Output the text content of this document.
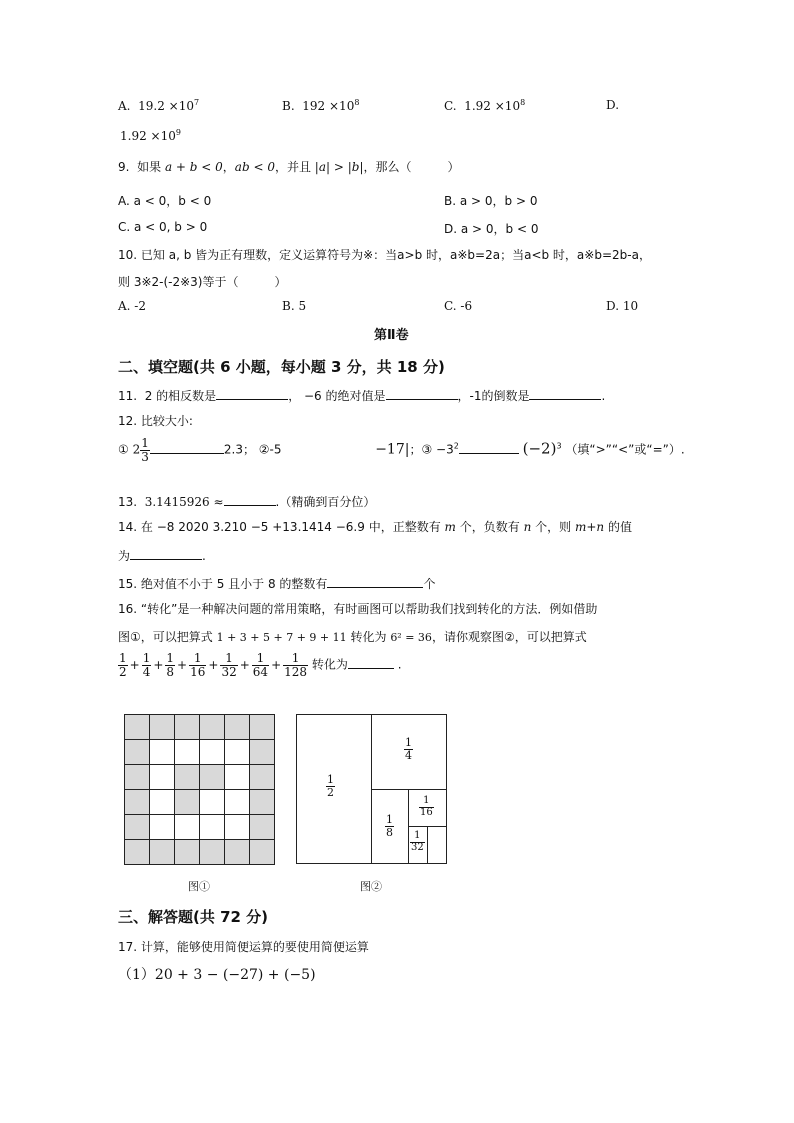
A. $19.2 \times 10^7$	B. $192 \times 10^8$	C. $1.92 \times 10^8$	D.
$1.92 \times 10^9$
9. 如果 a + b < 0，ab < 0，并且 |a| > |b|，那么（　　　）
A. a < 0，b < 0	B. a > 0，b > 0
C. a < 0, b > 0	D. a > 0，b < 0
10. 已知 a, b 皆为正有理数，定义运算符号为※：当a>b 时，a※b=2a；当a<b 时，a※b=2b-a，
则 3※2-(-2※3)等于（　　　）
A. -2	B. 5	C. -6	D. 10
第Ⅱ卷
二、填空题(共 6 小题，每小题 3 分，共 18 分)
11. 2 的相反数是	， −6 的绝对值是	，-1的倒数是	.
12. 比较大小:
① $2 \frac{1}{3}$	2.3； ②-5	−17|；③ $-3^2$	$(-2)^3$ （填“>”“<”或“=”）.
13. 3.1415926 ≈	.（精确到百分位）
14. 在 −8 2020 3.210 −5 +13.1414 −6.9 中，正整数有 m 个，负数有 n 个，则 m+n 的值
为	.
15. 绝对值不小于 5 且小于 8 的整数有	个
16. “转化”是一种解决问题的常用策略，有时画图可以帮助我们找到转化的方法．例如借助
图①，可以把算式 1 + 3 + 5 + 7 + 9 + 11 转化为 6² = 36，请你观察图②，可以把算式
$\frac{1}{2} + \frac{1}{4} + \frac{1}{8} + \frac{1}{16} + \frac{1}{32} + \frac{1}{64} + \frac{1}{128}$ 转化为	.
图①
$\frac{1}{2}$
$\frac{1}{4}$
$\frac{1}{8}$
$\frac{1}{16}$
$\frac{1}{32}$
图②
三、解答题(共 72 分)
17. 计算，能够使用简便运算的要使用简便运算
（1）20 + 3 − (−27) + (−5)
